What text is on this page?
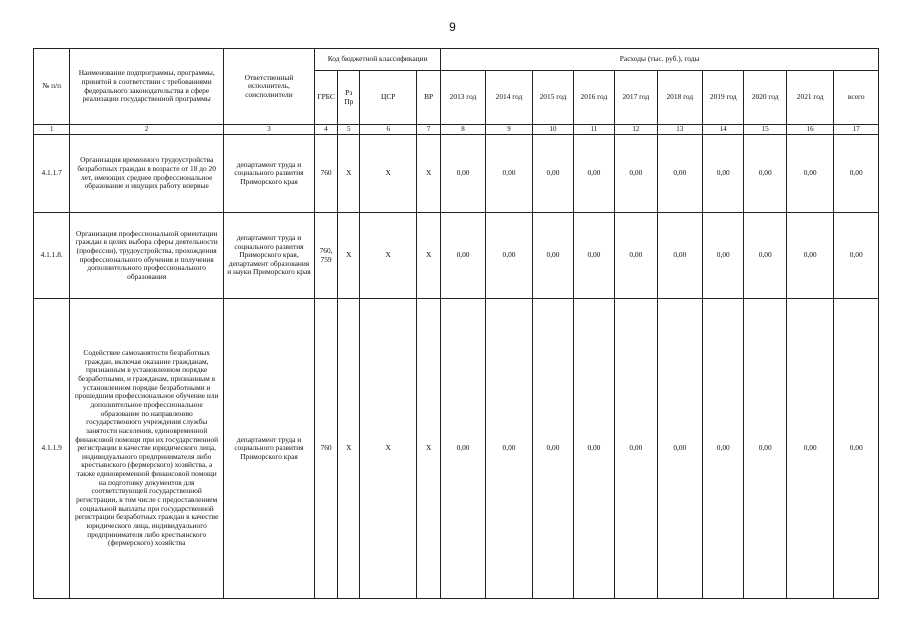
9
№ п/п	Наименование подпрограммы, программы, принятой в соответствии с требованиями федерального законодательства в сфере реализации государственной программы	Ответственный исполнитель, соисполнители	Код бюджетной классификации				Расходы (тыс. руб.), годы									
			ГРБС	Рз Пр	ЦСР	ВР	2013 год	2014 год	2015 год	2016 год	2017 год	2018 год	2019 год	2020 год	2021 год	всего
1	2	3	4	5	6	7	8	9	10	11	12	13	14	15	16	17
4.1.1.7	Организация временного трудоустройства безработных граждан в возрасте от 18 до 20 лет, имеющих среднее профессиональное образование и ищущих работу впервые	департамент труда и социального развития Приморского края	760	Х	Х	Х	0,00	0,00	0,00	0,00	0,00	0,00	0,00	0,00	0,00	0,00
4.1.1.8.	Организация профессиональной ориентации граждан в целях выбора сферы деятельности (профессии), трудоустройства, прохождения профессионального обучения и получения дополнительного профессионального образования	департамент труда и социального развития Приморского края, департамент образования и науки Приморского края	760, 759	Х	Х	Х	0,00	0,00	0,00	0,00	0,00	0,00	0,00	0,00	0,00	0,00
4.1.1.9	Содействие самозанятости безработных граждан, включая оказание гражданам, признанным в установленном порядке безработными, и гражданам, признанным в установленном порядке безработными и прошедшим профессиональное обучение или дополнительное профессиональное образование по направлению государственного учреждения службы занятости населения, единовременной финансовой помощи при их государственной регистрации в качестве юридического лица, индивидуального предпринимателя либо крестьянского (фермерского) хозяйства, а также единовременной финансовой помощи на подготовку документов для соответствующей государственной регистрации, в том числе с предоставлением социальной выплаты при государственной регистрации безработных граждан в качестве юридического лица, индивидуального предпринимателя либо крестьянского (фермерского) хозяйства	департамент труда и социального развития Приморского края	760	Х	Х	Х	0,00	0,00	0,00	0,00	0,00	0,00	0,00	0,00	0,00	0,00
